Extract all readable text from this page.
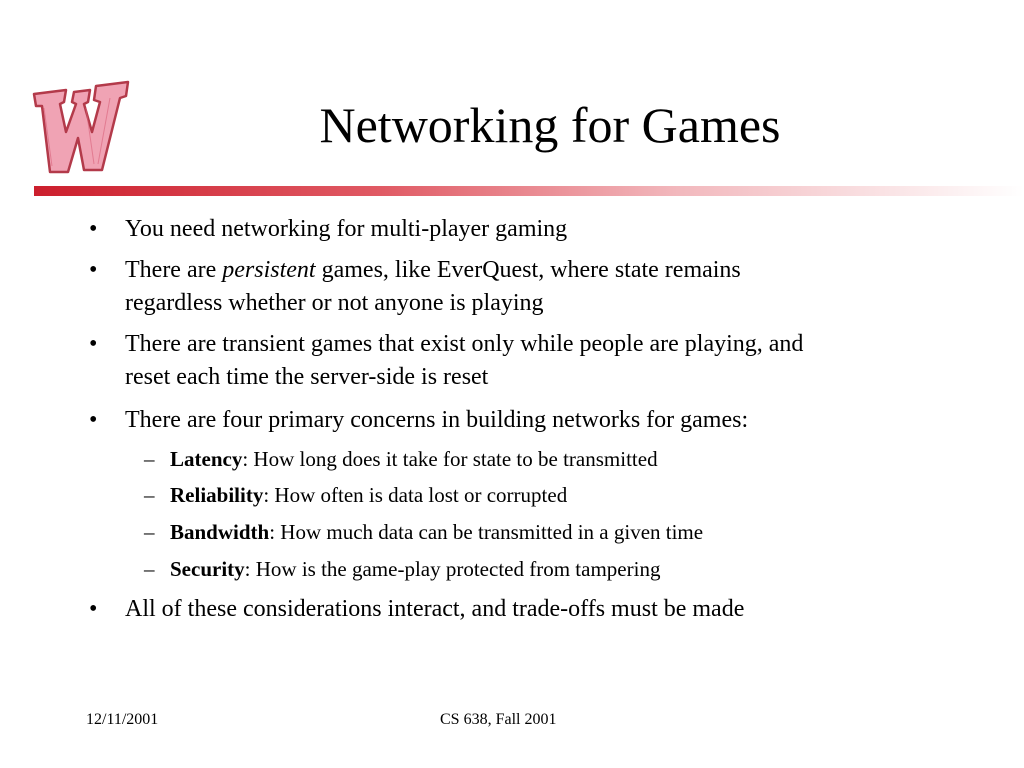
Networking for Games
• You need networking for multi-player gaming
• There are persistent games, like EverQuest, where state remains
regardless whether or not anyone is playing
• There are transient games that exist only while people are playing, and
reset each time the server-side is reset
• There are four primary concerns in building networks for games:
– Latency: How long does it take for state to be transmitted
– Reliability: How often is data lost or corrupted
– Bandwidth: How much data can be transmitted in a given time
– Security: How is the game-play protected from tampering
• All of these considerations interact, and trade-offs must be made
12/11/2001	CS 638, Fall 2001
